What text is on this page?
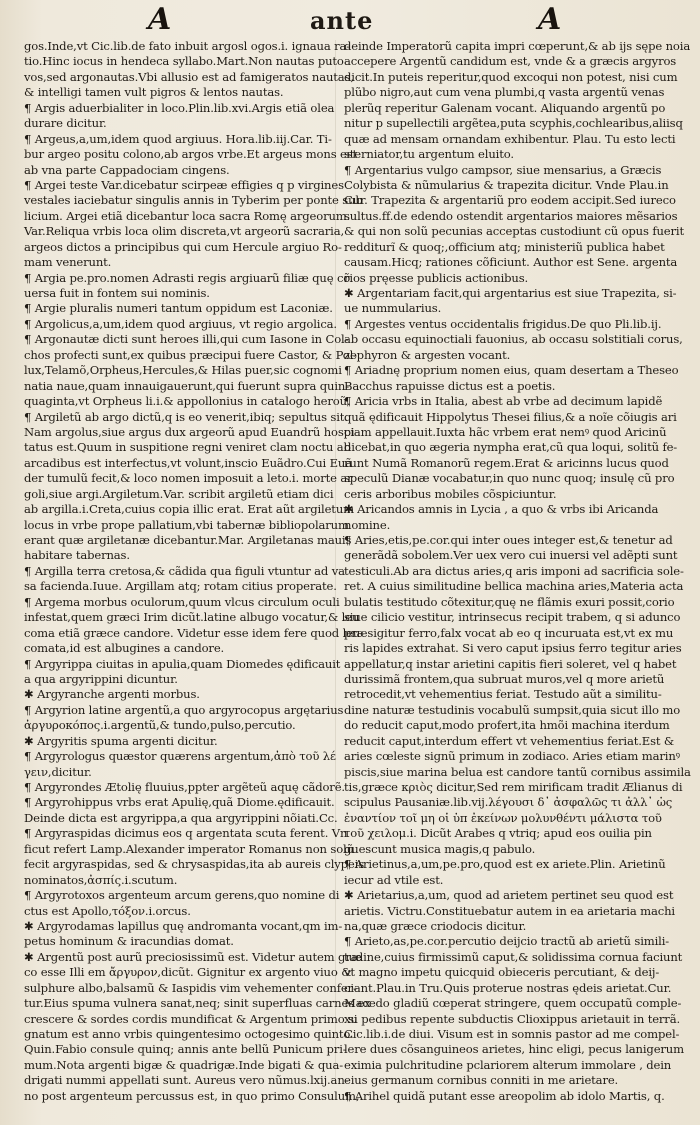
A	ante	A
gos.Inde,vt Cic.lib.de fato inbuit argosl ogos.i. ignaua ra-
tio.Hinc iocus in hendeca syllabo.Mart.Non nautas puto
vos,sed argonautas.Vbi allusio est ad famigeratos nautas,
& intelligi tamen vult pigros & lentos nautas.
¶ Argis aduerbialiter in loco.Plin.lib.xvi.Argis etiã olea
durare dicitur.
¶ Argeus,a,um,idem quod argiuus. Hora.lib.iij.Car. Ti-
bur argeo positu colono,ab argos vrbe.Et argeus mons est
ab vna parte Cappadociam cingens.
¶ Argei teste Var.dicebatur scirpeæ effigies q p virgines
vestales iaciebatur singulis annis in Tyberim per ponte sub
licium. Argei etiã dicebantur loca sacra Romę argeorum.
Var.Reliqua vrbis loca olim discreta,vt argeorũ sacraria,
argeos dictos a principibus qui cum Hercule argiuo Ro-
mam venerunt.
¶ Argia pe.pro.nomen Adrasti regis argiuarũ filiæ quę cõ
uersa fuit in fontem sui nominis.
¶ Argie pluralis numeri tantum oppidum est Laconiæ.
¶ Argolicus,a,um,idem quod argiuus, vt regio argolica.
¶ Argonautæ dicti sunt heroes illi,qui cum Iasone in Col-
chos profecti sunt,ex quibus præcipui fuere Castor, & Pol-
lux,Telamõ,Orpheus,Hercules,& Hilas puer,sic cognomi
natia naue,quam innauigauerunt,qui fuerunt supra quin-
quaginta,vt Orpheus li.i.& appollonius in catalogo heroũ.
¶ Argiletũ ab argo dictũ,q is eo venerit,ibiq; sepultus sit.
Nam argolus,siue argus dux argeorũ apud Euandrũ hospi
tatus est.Quum in suspitione regni veniret clam noctu ab
arcadibus est interfectus,vt volunt,inscio Euãdro.Cui Euã
der tumulũ fecit,& loco nomen imposuit a leto.i. morte ar
goli,siue argi.Argiletum.Var. scribit argiletũ etiam dici
ab argilla.i.Creta,cuius copia illic erat. Erat aũt argiletum
locus in vrbe prope pallatium,vbi tabernæ bibliopolarum
erant quæ argiletanæ dicebantur.Mar. Argiletanas mauis
habitare tabernas.
¶ Argilla terra cretosa,& cãdida qua figuli vtuntur ad va
sa facienda.Iuue. Argillam atq; rotam citius properate.
¶ Argema morbus oculorum,quum vlcus circulum oculi
infestat,quem græci Irim dicũt.latine albugo vocatur,& leu
coma etiã græce candore. Videtur esse idem fere quod leu-
comata,id est albugines a candore.
¶ Argyrippa ciuitas in apulia,quam Diomedes ędificauit
a qua argyrippini dicuntur.
✱ Argyranche argenti morbus.
¶ Argyrion latine argentũ,a quo argyrocopus argętarius
ἀργυροκόπος.i.argentũ,& tundo,pulso,percutio.
✱ Argyritis spuma argenti dicitur.
¶ Argyrologus quæstor quærens argentum,ἀπὸ τοῦ λέ
γειν,dicitur.
¶ Argyrondes Ætolię fluuius,ppter argẽteũ aquę cãdorẽ.
¶ Argyrohippus vrbs erat Apulię,quã Diome.ędificauit.
Deinde dicta est argyrippa,a qua argyrippini nõiati.Cc.
¶ Argyraspidas dicimus eos q argentata scuta ferent. Vn
ficut refert Lamp.Alexander imperator Romanus non solũ
fecit argyraspidas, sed & chrysaspidas,ita ab aureis clypeis
nominatos,ἀσπίς.i.scutum.
¶ Argyrotoxos argenteum arcum gerens,quo nomine di
ctus est Apollo,τόξον.i.orcus.
✱ Argyrodamas lapillus quę andromanta vocant,qm im-
petus hominum & iracundias domat.
✱ Argentũ post aurũ preciosissimũ est. Videtur autem græ
co esse Illi em ἄργυρον,dicũt. Gignitur ex argento viuo &
sulphure albo,balsamũ & Iaspidis vim vehementer confer-
tur.Eius spuma vulnera sanat,neq; sinit superfluas carnes ex
crescere & sordes cordis mundificat & Argentum primo si
gnatum est anno vrbis quingentesimo octogesimo quinto.
Quin.Fabio consule quinq; annis ante bellũ Punicum pri-
mum.Nota argenti bigæ & quadrigæ.Inde bigati & qua-
drigati nummi appellati sunt. Aureus vero nũmus.lxij.an-
no post argenteum percussus est, in quo primo Consulum,
deinde Imperatorũ capita impri cœperunt,& ab ijs sępe noia
accepere Argentũ candidum est, vnde & a græcis argyros
dicit.In puteis reperitur,quod excoqui non potest, nisi cum
plũbo nigro,aut cum vena plumbi,q vasta argentũ venas
plerũq reperitur Galenam vocant. Aliquando argentũ po
nitur p supellectili argẽtea,puta scyphis,cochlearibus,aliisq
quæ ad mensam ornandam exhibentur. Plau. Tu esto lecti
sterniator,tu argentum eluito.
¶ Argentarius vulgo campsor, siue mensarius, a Græcis
Colybista & nũmularius & trapezita dicitur. Vnde Plau.in
Cur. Trapezita & argentariũ pro eodem accipit.Sed iureco
sultus.ff.de edendo ostendit argentarios maiores mẽsarios
& qui non solũ pecunias acceptas custodiunt cũ opus fuerit
redditurĩ & quoq;,officium atq; ministeriũ publica habet
causam.Hicq; rationes cõficiunt. Author est Sene. argenta
rios pręesse publicis actionibus.
✱ Argentariam facit,qui argentarius est siue Trapezita, si-
ue nummularius.
¶ Argestes ventus occidentalis frigidus.De quo Pli.lib.ij.
ab occasu equinoctiali fauonius, ab occasu solstitiali corus,
zephyron & argesten vocant.
¶ Ariadnę proprium nomen eius, quam desertam a Theseo
Bacchus rapuisse dictus est a poetis.
¶ Aricia vrbs in Italia, abest ab vrbe ad decimum lapidẽ
quã ędificauit Hippolytus Thesei filius,& a noĩe cõiugis ari
ciam appellauit.Iuxta hãc vrbem erat nemꝰ quod Aricinũ
dicebat,in quo ægeria nympha erat,cũ qua loqui, solitũ fe-
runt Numã Romanorũ regem.Erat & aricinns lucus quod
speculũ Dianæ vocabatur,in quo nunc quoq; insulę cũ pro
ceris arboribus mobiles cõspiciuntur.
✱ Aricandos amnis in Lycia , a quo & vrbs ibi Aricanda
nomine.
¶ Aries,etis,pe.cor.qui inter oues integer est,& tenetur ad
generãdã sobolem.Ver uex vero cui inuersi vel adẽpti sunt
testiculi.Ab ara dictus aries,q aris imponi ad sacrificia sole-
ret. A cuius similitudine bellica machina aries,Materia acta
bulatis testitudo cõtexitur,quę ne flãmis exuri possit,corio
siue cilicio vestitur, intrinsecus recipit trabem, q si adunco
præsigitur ferro,falx vocat ab eo q incuruata est,vt ex mu
ris lapides extrahat. Si vero caput ipsius ferro tegitur aries
appellatur,q instar arietini capitis fieri soleret, vel q habet
durissimã frontem,qua subruat muros,vel q more arietũ
retrocedit,vt vehementius feriat. Testudo aũt a similitu-
dine naturæ testudinis vocabulũ sumpsit,quia sicut illo mo
do reducit caput,modo profert,ita hmõi machina iterdum
reducit caput,interdum effert vt vehementius feriat.Est &
aries cœleste signũ primum in zodiaco. Aries etiam marinꝰ
piscis,siue marina belua est candore tantũ cornibus assimila
tis,græce κριὸς dicitur,Sed rem mirificam tradit Ælianus di
scipulus Pausaniæ.lib.vij.λέγουσι δ᾽ ἀσφαλῶς τι ἀλλ᾽ ὡς
ἐναντίον τοῖ μη οἱ ὑπ ἐκείνων μολυνθέντι μάλιστα τοῦ
τοῦ χειλομ.i. Dicũt Arabes q vtriq; apud eos ouilia pin
guescunt musica magis,q pabulo.
¶ Arietinus,a,um,pe.pro,quod est ex ariete.Plin. Arietinũ
iecur ad vtile est.
✱ Arietarius,a,um, quod ad arietem pertinet seu quod est
arietis. Victru.Constituebatur autem in ea arietaria machi
na,quæ græce criodocis dicitur.
¶ Arieto,as,pe.cor.percutio deijcio tractũ ab arietũ simili-
tudine,cuius firmissimũ caput,& solidissima cornua faciunt
vt magno impetu quicquid obieceris percutiant, & deij-
ciant.Plau.in Tru.Quis proterue nostras ędeis arietat.Cur.
Macedo gladiũ cœperat stringere, quem occupatũ comple-
xu pedibus repente subductis Clioxippus arietauit in terrã.
Cic.lib.i.de diui. Visum est in somnis pastor ad me compel-
lere dues cõsanguineos arietes, hinc eligi, pecus lanigerum
eximia pulchritudine pclariorem alterum immolare , dein
eius germanum cornibus conniti in me arietare.
¶ Arihel quidã putant esse areopolim ab idolo Martis, q.
